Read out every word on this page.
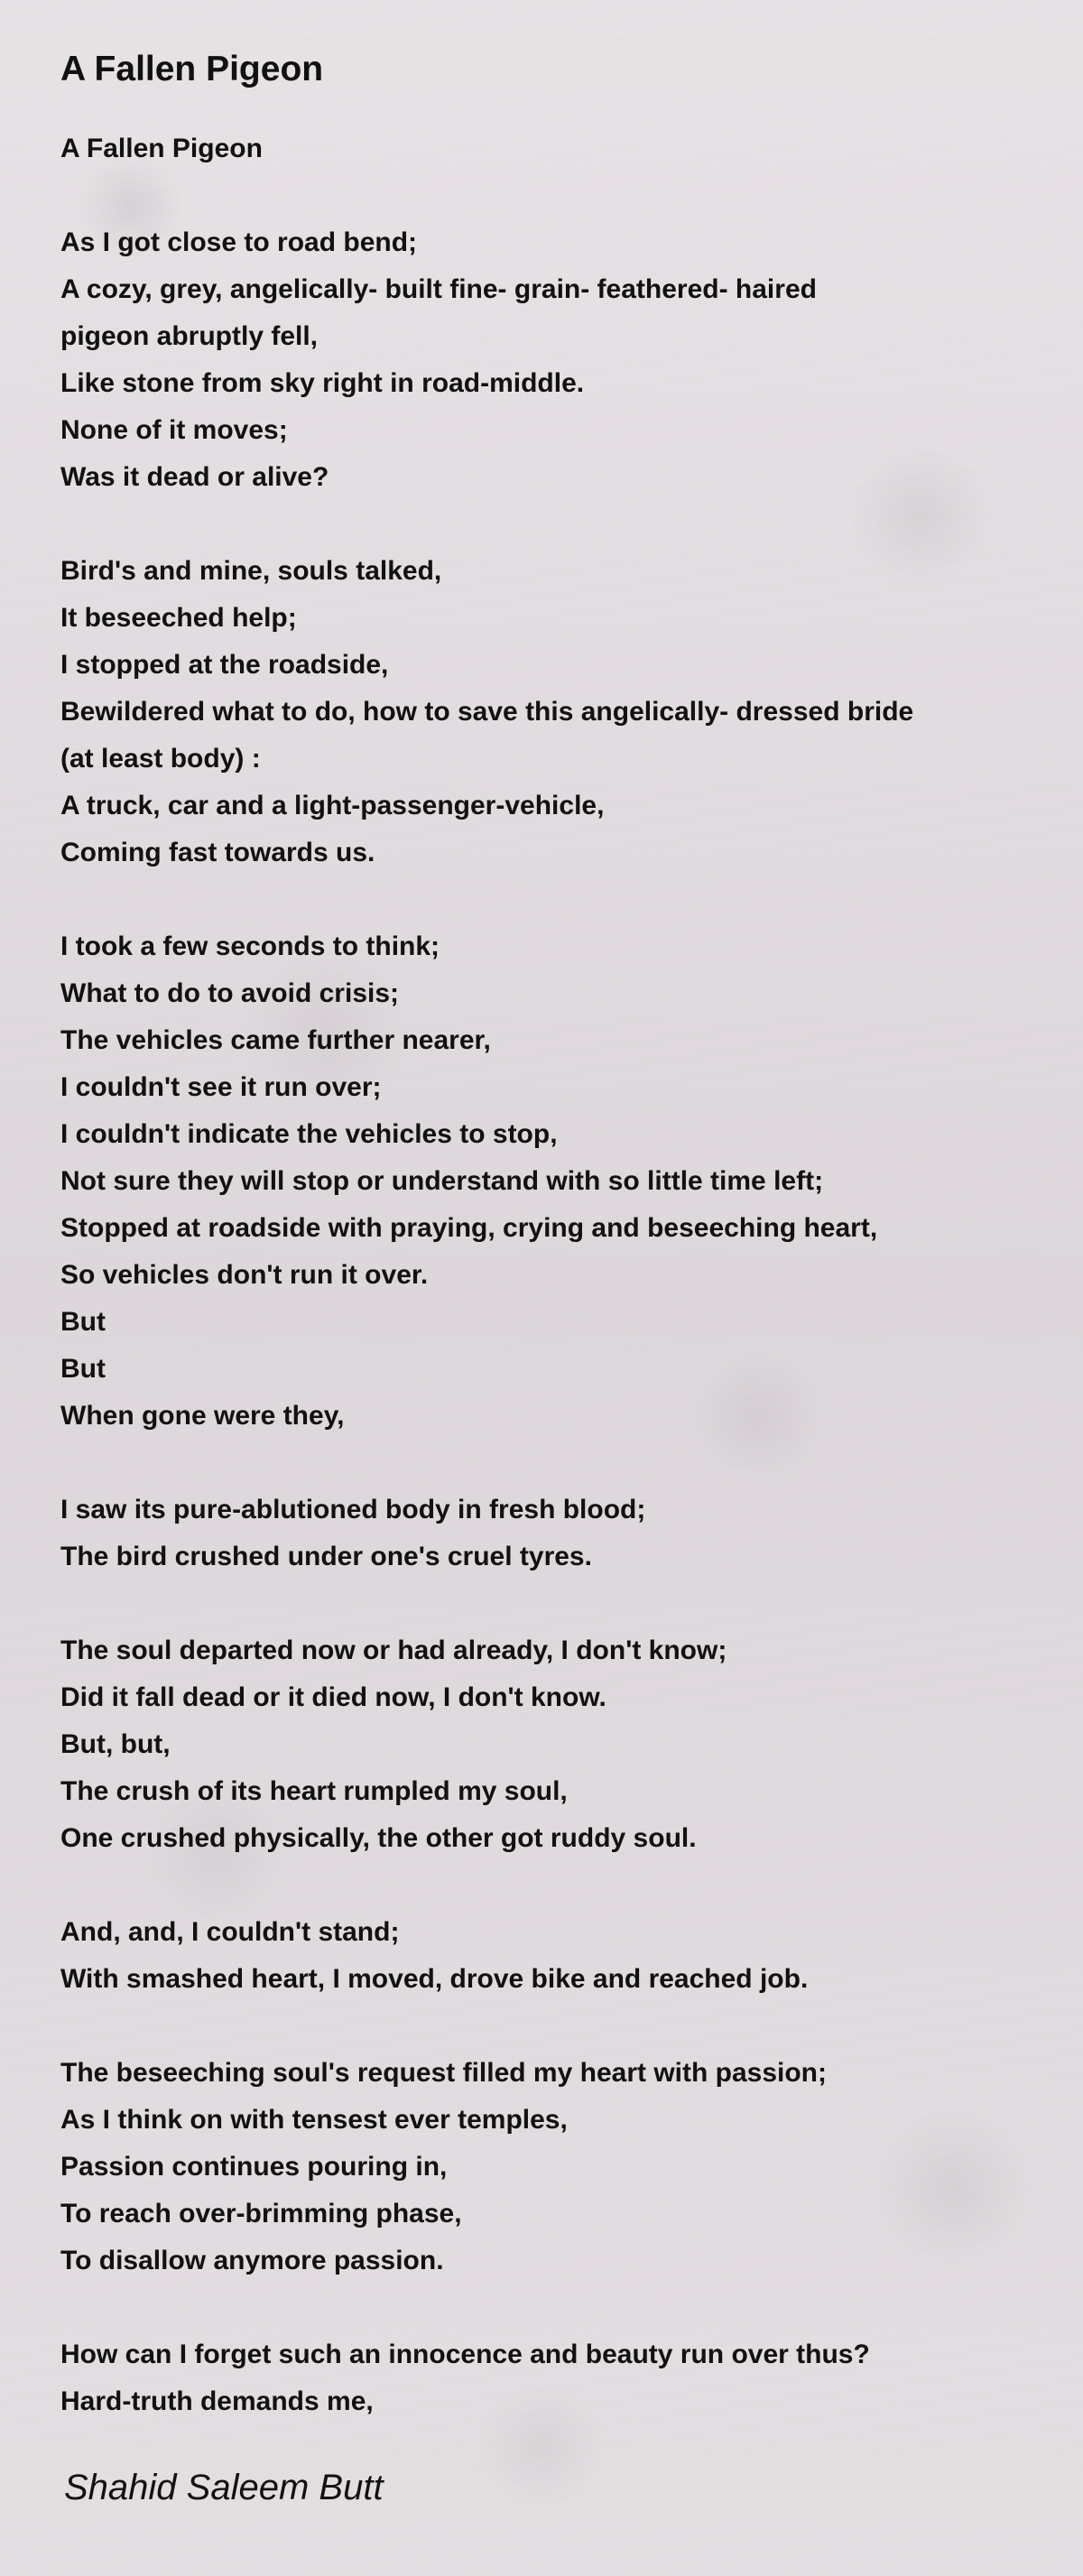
A Fallen Pigeon
A Fallen Pigeon
As I got close to road bend;
A cozy, grey, angelically- built fine- grain- feathered- haired
pigeon abruptly fell,
Like stone from sky right in road-middle.
None of it moves;
Was it dead or alive?
Bird's and mine, souls talked,
It beseeched help;
I stopped at the roadside,
Bewildered what to do, how to save this angelically- dressed bride
(at least body) :
A truck, car and a light-passenger-vehicle,
Coming fast towards us.
I took a few seconds to think;
What to do to avoid crisis;
The vehicles came further nearer,
I couldn't see it run over;
I couldn't indicate the vehicles to stop,
Not sure they will stop or understand with so little time left;
Stopped at roadside with praying, crying and beseeching heart,
So vehicles don't run it over.
But
But
When gone were they,
I saw its pure-ablutioned body in fresh blood;
The bird crushed under one's cruel tyres.
The soul departed now or had already, I don't know;
Did it fall dead or it died now, I don't know.
But, but,
The crush of its heart rumpled my soul,
One crushed physically, the other got ruddy soul.
And, and, I couldn't stand;
With smashed heart, I moved, drove bike and reached job.
The beseeching soul's request filled my heart with passion;
As I think on with tensest ever temples,
Passion continues pouring in,
To reach over-brimming phase,
To disallow anymore passion.
How can I forget such an innocence and beauty run over thus?
Hard-truth demands me,
Shahid Saleem Butt
